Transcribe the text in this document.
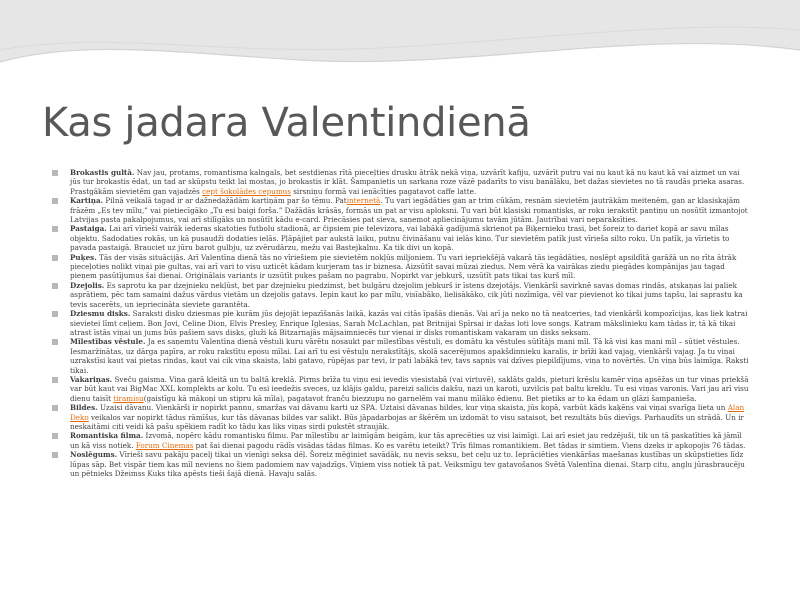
Kas jadara Valentindienā
Brokastis gultā. Nav jau, protams, romantisma kalngals, bet sestdienas rītā pieceļties drusku ātrāk nekā viņa, uzvārīt kafiju, uzvārīt putru vai nu kaut kā nu kaut kā vai aizmet un vai jūs tur brokastis ēdat, un tad ar skūpstu teikt lai mostas, jo brokastis ir klāt. Šampanietis un sarkana roze vāzē padarīts to visu banālāku, bet dažas sievietes no tā raudās prieka asaras. Prastgākām sievietēm gan vajadzēs cept šokolādes cepumus sirsniņu formā vai ienācīties pagatavot caffe latte.
Kartiņa. Pilnā veikalā tagad ir ar dažnedažādām kartiņām par šo tēmu. Patinternetā. Tu vari iegādāties gan ar trim cūkām, resnām sievietēm jautrākām meitenēm, gan ar klasiskajām frāzēm „Es tev mīlu,” vai pietiecīgāko „Tu esi baigi forša.” Dažādās krāsās, formās un pat ar visu aploksni. Tu vari būt klasiski romantisks, ar roku ierakstīt pantiņu un nosūtīt izmantojot Latvijas pasta pakalpojumus, vai arī stilīgāks un nosūtīt kādu e-card. Priecāsies pat sieva, saņemot apliecinājumu tavām jūtām. Jautrībai vari neparaksīties.
Pastaiga. Lai arī vīrieši vairāk iederas skatoties futbolu stadionā, ar čipsiem pie televizora, vai labākā gadījumā skrienot pa Biķernieku trasi, bet šoreiz to dariet kopā ar savu mīlas objektu. Sadodaties rokās, un kā pusaudži dodaties ielās. Pļāpājiet par aukstā laiku, putnu čivināšanu vai ielās kino. Tur sievietēm patīk just vīrieša silto roku. Un patīk, ja vīrietis to pavada pastaigā. Brauciet uz jūru barot gulbju, uz zvērudārzu, mežu vai Bastejkalnu. Ka tik divi un kopā.
Puķes. Tās der visās situācijās. Arī Valentīna dienā tās no vīriešiem pie sievietēm nokļūs miljoniem. Tu vari iepriekšējā vakarā tās iegādāties, noslēpt apsildītā garāžā un no rīta ātrāk pieceļoties nolikt viņai pie gultas, vai arī vari to visu uzticēt kādam kurjeram tas ir biznesa. Aizsūtīt savai mūzai ziedus. Nem vērā ka vairākas ziedu piegādes kompānijas jau tagad pieņem pasūtījumus šai dienai. Oriģinālais variants ir uzsūtīt puķes pašam no pagrabu. Nopirkt var jebkurš, uzsūtīt pats tikai tas kurš mīl.
Dzejolis. Es saprotu ka par dzejnieku nekļūst, bet par dzejnieku piedzimst, bet bulgāru dzejolim jebkurš ir īstens dzejotājs. Vienkārši savirknē savas domas rindās, atskaņas lai paliek asprātiem, pēc tam samaini dažus vārdus vietām un dzejolis gatavs. Iepin kaut ko par mīlu, visīabāko, lielisākāko, cik jūti nozīmīga, vēl var pievienot ko tikai jums tapšu, lai saprastu ka tevis sacerēts, un iepriecināta sieviete garantēta.
Dziesmu disks. Saraksti disku dziesmas pie kurām jūs dejojāt iepazīšanās laikā, kazās vai citās īpašās dienās. Vai arī ja neko no tā neatceries, tad vienkārši kompozīcijas, kas liek katrai sievietei līmt ceļiem. Bon Jovi, Celine Dion, Elvis Presley, Enrique Iglesias, Sarah McLachlan, pat Britnijai Spīrsai ir dažas loti love songs. Katram mākslinieku kam tādas ir, tā kā tikai atrast īstās viņai un jums būs pašiem savs disks, gluži kā Bitzarnajās mājsaimniecēs tur vienai ir disks romantiskam vakaram un disks seksam.
Mīlestības vēstule. Ja es saņemtu Valentīna dienā vēstuli kuru vārētu nosaukt par mīlestības vēstuli, es domātu ka vēstules sūtītājs mani mīl. Tā kā visi kas mani mīl – sūtiet vēstules. Iesmaržinātas, uz dārga papīra, ar roku rakstītu eposu mīlai. Lai arī tu esi vēstuļu nerakstītājs, skolā sacerējumos apakšdinnieku karalis, ir brīži kad vajag, vienkārši vajag. Ja tu viņai uzrakstīsi kaut vai pietas rindas, kaut vai cik viņa skaista, labi gatavo, rūpējas par tevi, ir pati labākā tev, tavs sapnis vai dzīves piepildījums, viņa to novērtēs. Un viņa būs laimīga. Raksti tikai.
Vakariņas. Sveču gaisma. Viņa garā kleitā un tu baltā kreklā. Pirms brīža tu viņu esi ievedis viesistabā (vai virtuvē), saklāts galds, pieturi krēslu kamēr viņa apsēžas un tur viņas priekšā var būt kaut vai BigMac XXL komplekts ar kolu. Tu esi ieedežis sveces, uz klājis galdu, pareizi salicis dakšu, nazi un karoti, uzvilcis pat baltu kreklu. Tu esi viņas varonis. Vari jau arī visu dienu taisīt tiramisu(gaistīgu kā mākoņi un stipru kā mīla), pagatavot franču biezzupu no garnelēm vai manu mīlāko ēdienu. Bet pietiks ar to ka ēdam un glāzi šampanieša.
Bildes. Uzaisi dāvanu. Vienkārši ir nopirkt pannu, smaržas vai dāvanu karti uz SPA. Uztaisi dāvanas bildes, kur viņa skaista, jūs kopā, varbūt kāds kaķēns vai viņai svarīga lieta un Alan Deko veikalos var nopirkt tādus rāmīšus, kur tās dāvanas bildes var salikt. Būs jāpadarbojas ar šķērēm un izdomāt to visu sataisot, bet rezultāts būs dievīgs. Parhaudīts un strādā. Un ir neskaitāmi citi veidi kā pašu spēkiem radīt ko tādu kas liks viņas sirdi pukstēt straujāk.
Romantiska filma. Izvomā, nopērc kādu romantisku filmu. Par mīlestību ar laimīgām beigām, kur tās aprecēties uz visi laimīgi. Lai arī esiet jau redzējuši, tik un tā paskatīties kā jāmīl un kā viss notiek. Forum Cinemas pat šai dienai pagodu rādīs visādas tādas filmas. Ko es varētu ieteikt? Trīs filmas romantikiem. Bet tādas ir simtiem. Viens dzeks ir apkopojis 76 tādas.
Noslēgums. Vīrieši savu pakāju pacelj tikai un vienīgi seksa dēļ. Šoreiz mēģiniet savādāk, nu nevis seksu, bet ceļu uz to. Ieprāciēties vienkāršas maešanas kustības un skūpstieties līdz lūpas sāp. Bet vispār tiem kas mīl neviens no šiem padomiem nav vajadzīgs. Viņiem viss notiek tā pat. Veiksmīgu tev gatavošanos Svētā Valentīna dienai. Starp citu, anglu jūrasbraucēju un pētnieks Džeimss Kuks tika apēsts tieši šajā dienā. Havaju salās.
